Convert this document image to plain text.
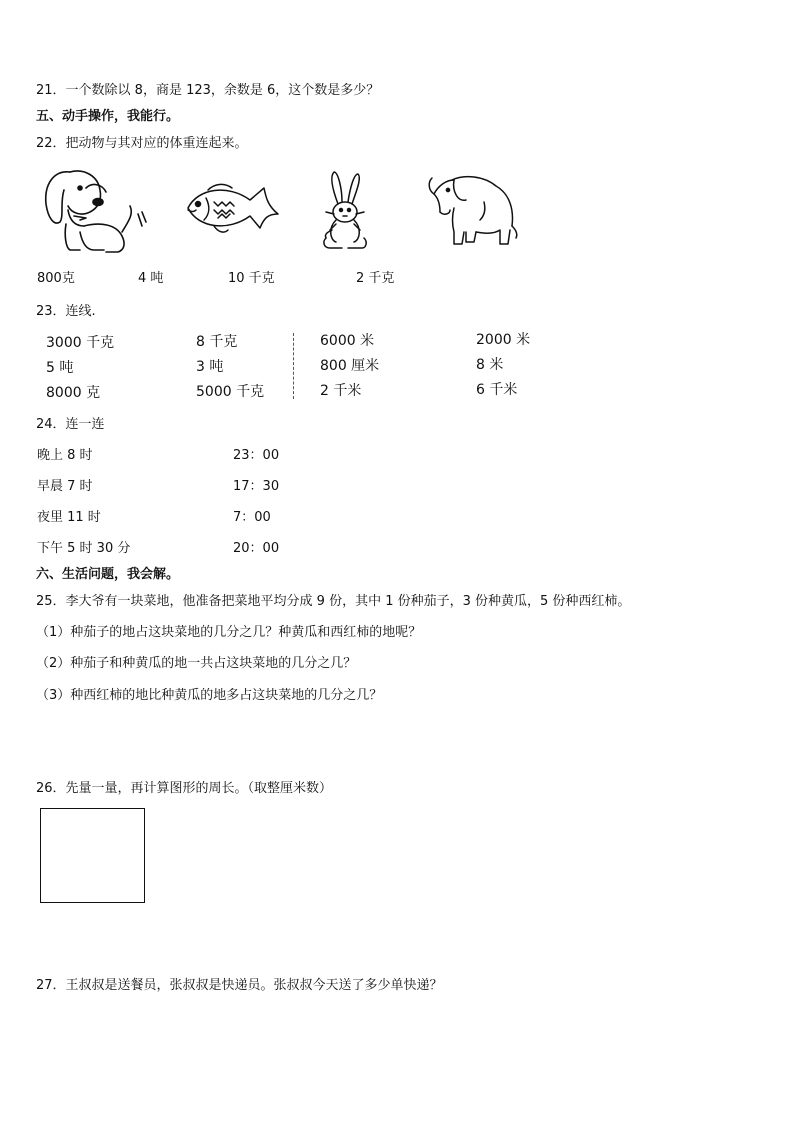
21．一个数除以 8，商是 123，余数是 6，这个数是多少？
五、动手操作，我能行。
22．把动物与其对应的体重连起来。
800克	4 吨	10 千克	2 千克
23．连线.
3000 千克
5 吨
8000 克
8 千克
3 吨
5000 千克
6000 米
800 厘米
2 千米
2000 米
8 米
6 千米
24．连一连
晚上 8 时
早晨 7 时
夜里 11 时
下午 5 时 30 分
23：00
17：30
7：00
20：00
六、生活问题，我会解。
25．李大爷有一块菜地，他准备把菜地平均分成 9 份，其中 1 份种茄子，3 份种黄瓜，5 份种西红柿。
（1）种茄子的地占这块菜地的几分之几？种黄瓜和西红柿的地呢？
（2）种茄子和种黄瓜的地一共占这块菜地的几分之几？
（3）种西红柿的地比种黄瓜的地多占这块菜地的几分之几？
26．先量一量，再计算图形的周长。（取整厘米数）
27．王叔叔是送餐员，张叔叔是快递员。张叔叔今天送了多少单快递？
